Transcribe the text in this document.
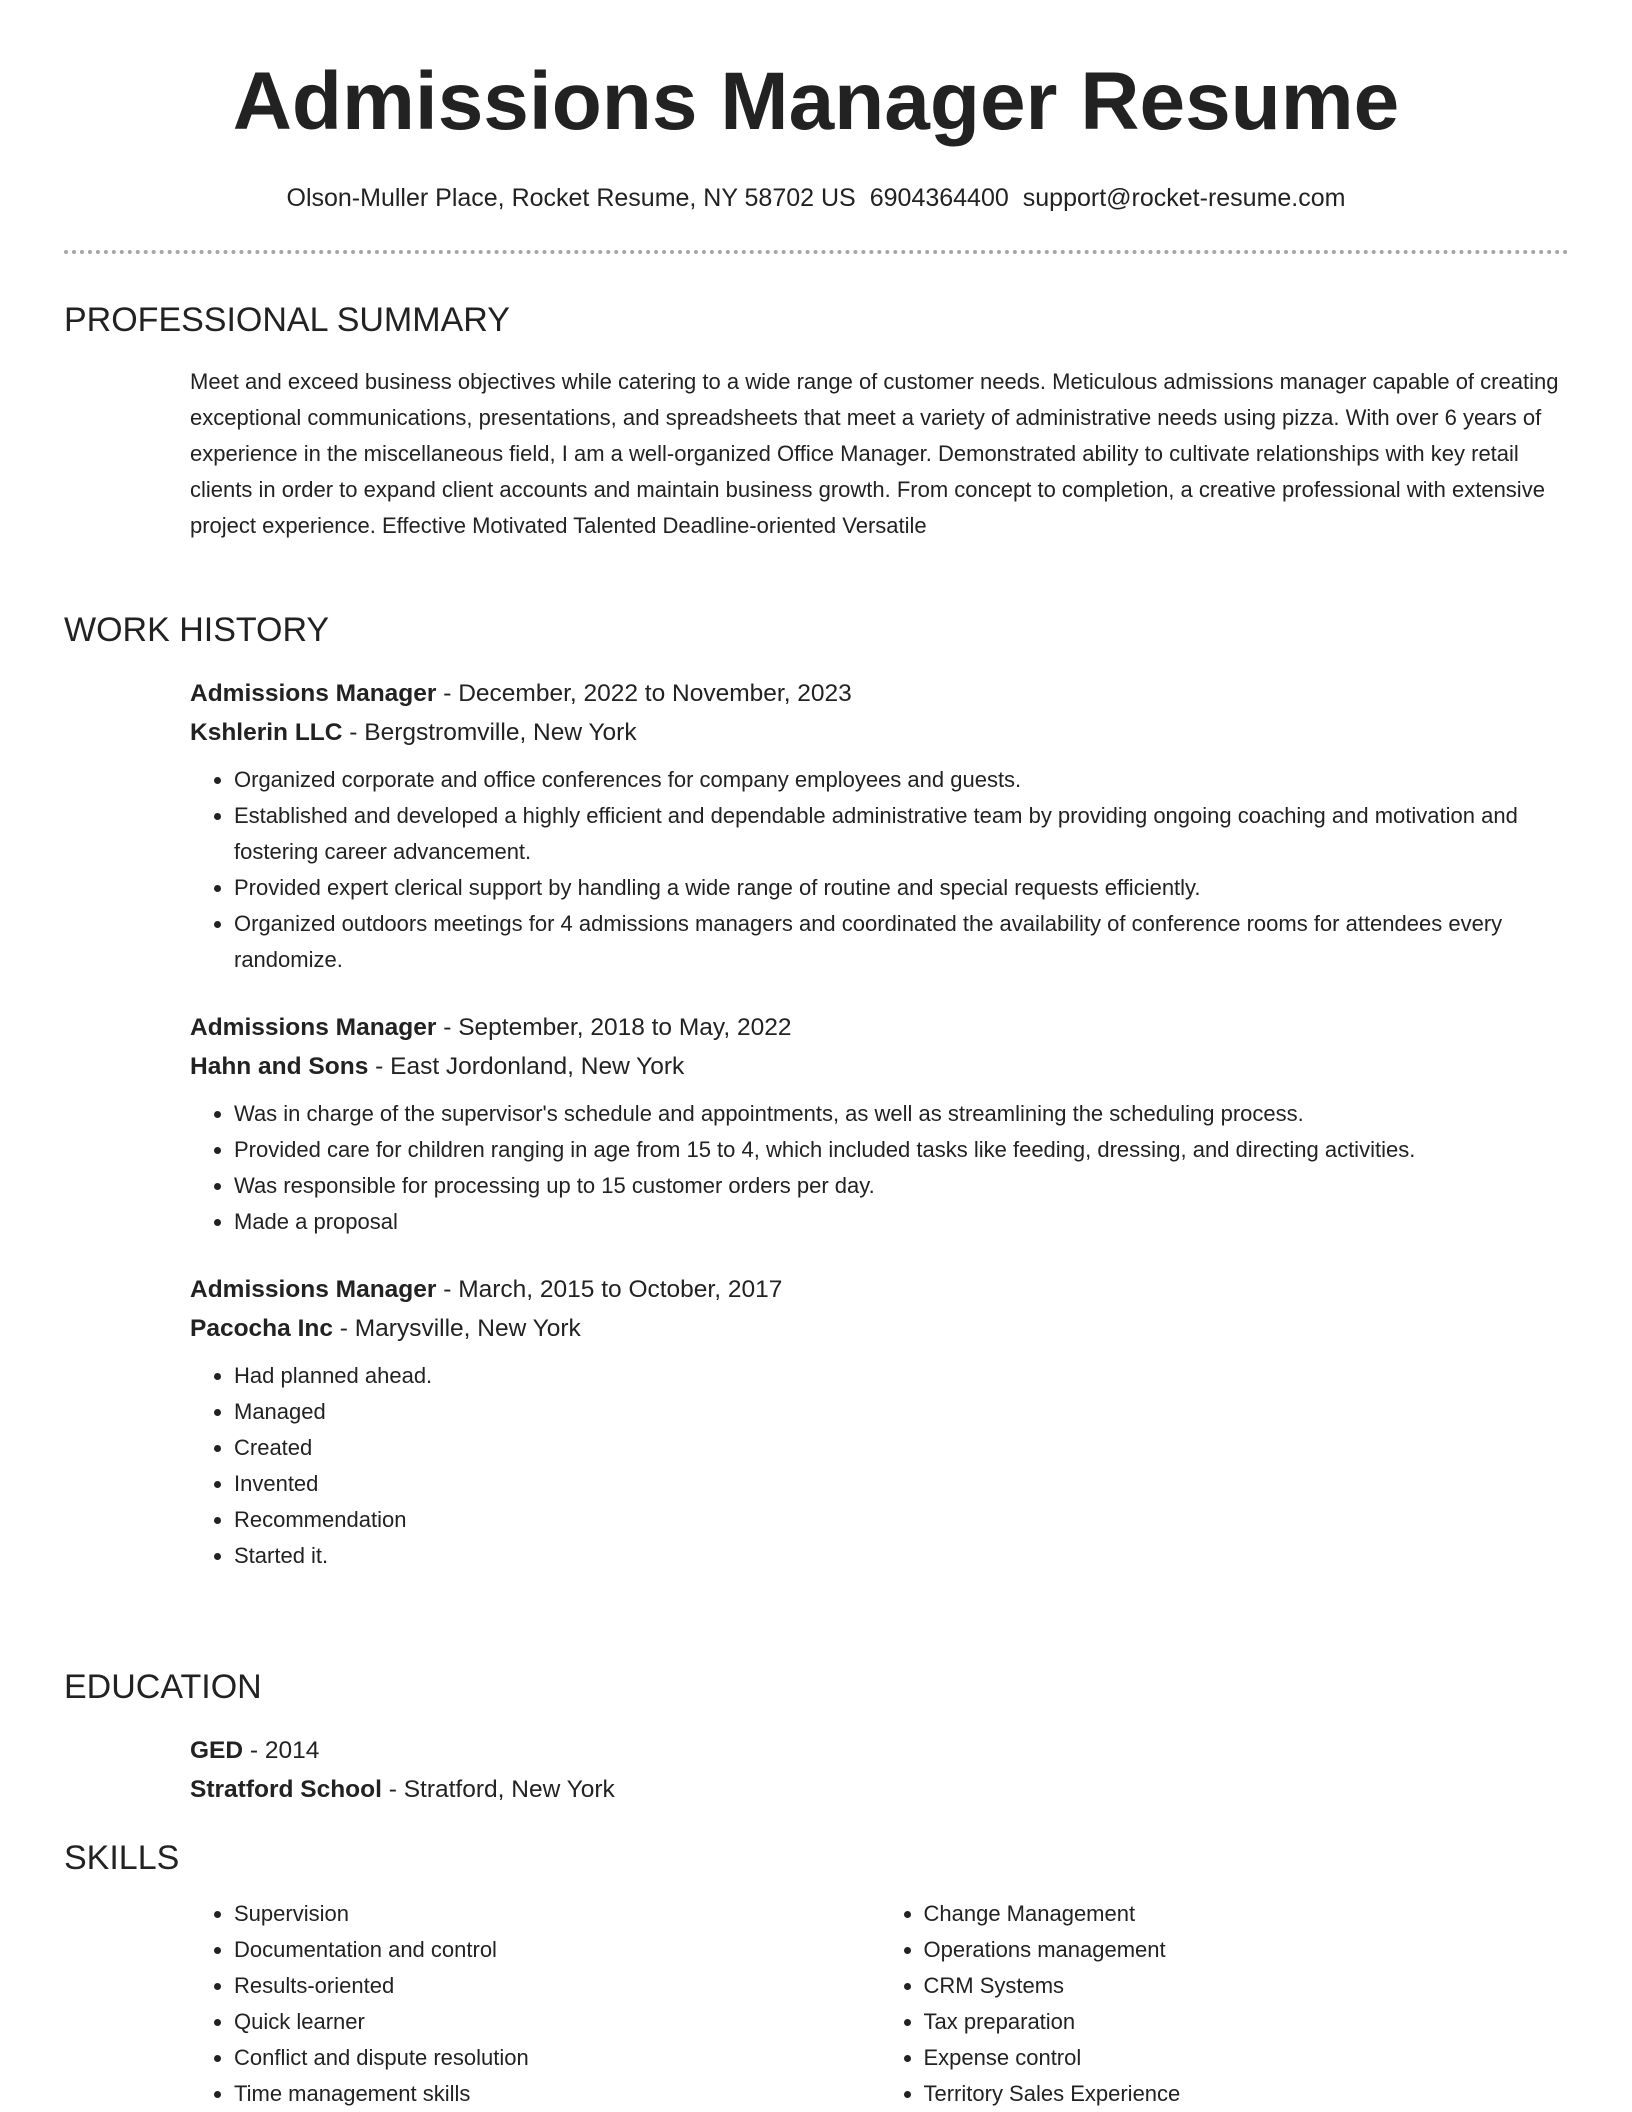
Admissions Manager Resume
Olson-Muller Place, Rocket Resume, NY 58702 US 6904364400 support@rocket-resume.com
PROFESSIONAL SUMMARY

Meet and exceed business objectives while catering to a wide range of customer needs. Meticulous admissions manager capable of creating exceptional communications, presentations, and spreadsheets that meet a variety of administrative needs using pizza. With over 6 years of experience in the miscellaneous field, I am a well-organized Office Manager. Demonstrated ability to cultivate relationships with key retail clients in order to expand client accounts and maintain business growth. From concept to completion, a creative professional with extensive project experience. Effective Motivated Talented Deadline-oriented Versatile

WORK HISTORY
Admissions Manager - December, 2022 to November, 2023
Kshlerin LLC - Bergstromville, New York
• Organized corporate and office conferences for company employees and guests.
• Established and developed a highly efficient and dependable administrative team by providing ongoing coaching and motivation and fostering career advancement.
• Provided expert clerical support by handling a wide range of routine and special requests efficiently.
• Organized outdoors meetings for 4 admissions managers and coordinated the availability of conference rooms for attendees every randomize.
Admissions Manager - September, 2018 to May, 2022
Hahn and Sons - East Jordonland, New York
• Was in charge of the supervisor's schedule and appointments, as well as streamlining the scheduling process.
• Provided care for children ranging in age from 15 to 4, which included tasks like feeding, dressing, and directing activities.
• Was responsible for processing up to 15 customer orders per day.
• Made a proposal
Admissions Manager - March, 2015 to October, 2017
Pacocha Inc - Marysville, New York
• Had planned ahead.
• Managed
• Created
• Invented
• Recommendation
• Started it.
EDUCATION
GED - 2014
Stratford School - Stratford, New York
SKILLS
• Supervision
• Documentation and control
• Results-oriented
• Quick learner
• Conflict and dispute resolution
• Time management skills
• Change Management
• Operations management
• CRM Systems
• Tax preparation
• Expense control
• Territory Sales Experience
